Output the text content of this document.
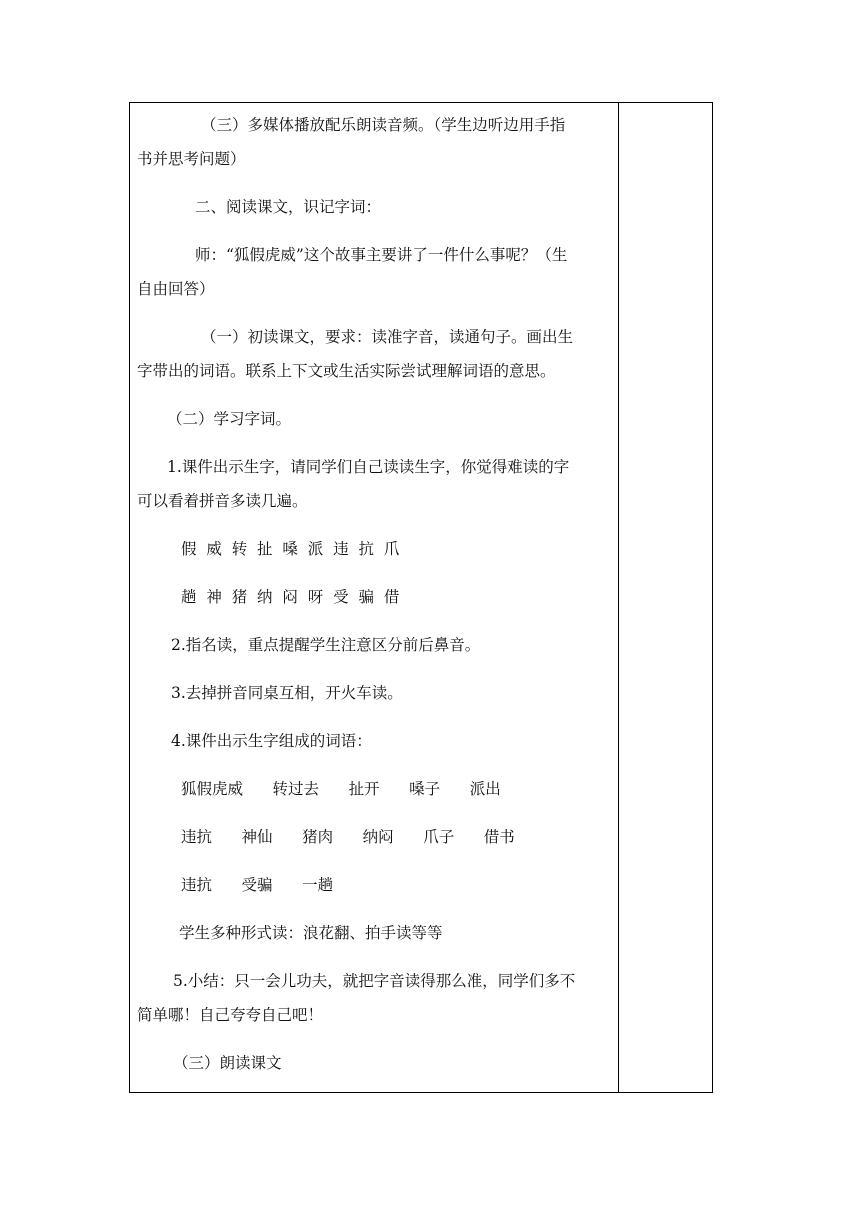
（三）多媒体播放配乐朗读音频。（学生边听边用手指

书并思考问题）

二、阅读课文，识记字词：

师：“狐假虎威”这个故事主要讲了一件什么事呢？（生

自由回答）

（一）初读课文，要求：读准字音，读通句子。画出生

字带出的词语。联系上下文或生活实际尝试理解词语的意思。

（二）学习字词。

1.课件出示生字，请同学们自己读读生字，你觉得难读的字

可以看着拼音多读几遍。

假  威  转  扯  嗓  派  违  抗  爪

趟  神  猪  纳  闷  呀  受  骗  借

2.指名读，重点提醒学生注意区分前后鼻音。

3.去掉拼音同桌互相，开火车读。

4.课件出示生字组成的词语：

狐假虎威      转过去      扯开      嗓子      派出

违抗      神仙      猪肉      纳闷      爪子      借书

违抗      受骗      一趟

学生多种形式读：浪花翻、拍手读等等

5.小结：只一会儿功夫，就把字音读得那么准，同学们多不

简单哪！自己夸夸自己吧！

（三）朗读课文
